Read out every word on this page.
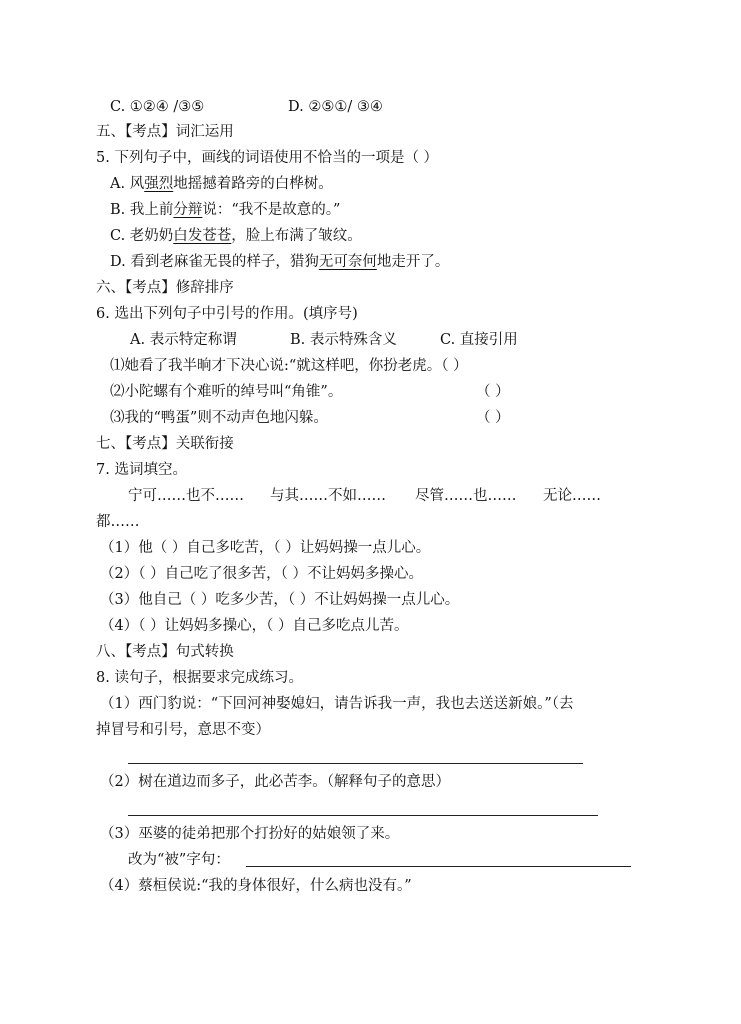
C. ①②④ /③⑤	D. ②⑤①/ ③④
五、【考点】词汇运用
5. 下列句子中，画线的词语使用不恰当的一项是（ ）
A. 风强烈地摇撼着路旁的白桦树。
B. 我上前分辩说：“我不是故意的。”
C. 老奶奶白发苍苍，脸上布满了皱纹。
D. 看到老麻雀无畏的样子，猎狗无可奈何地走开了。
六、【考点】修辞排序
6. 选出下列句子中引号的作用。(填序号)
A. 表示特定称谓	B. 表示特殊含义	C. 直接引用
⑴她看了我半晌才下决心说:“就这样吧，你扮老虎。（ ）
⑵小陀螺有个难听的绰号叫“角锥”。	（ ）
⑶我的“鸭蛋”则不动声色地闪躲。	（ ）
七、【考点】关联衔接
7. 选词填空。
宁可……也不…… 与其……不如…… 尽管……也…… 无论……
都……
（1）他（ ）自己多吃苦，（ ）让妈妈操一点儿心。
（2）（ ）自己吃了很多苦，（ ）不让妈妈多操心。
（3）他自己（ ）吃多少苦，（ ）不让妈妈操一点儿心。
（4）（ ）让妈妈多操心，（ ）自己多吃点儿苦。
八、【考点】句式转换
8. 读句子，根据要求完成练习。
（1）西门豹说：“下回河神娶媳妇，请告诉我一声，我也去送送新娘。”（去
掉冒号和引号，意思不变）
（2）树在道边而多子，此必苦李。（解释句子的意思）
（3）巫婆的徒弟把那个打扮好的姑娘领了来。
改为“被”字句：
（4）蔡桓侯说:“我的身体很好，什么病也没有。”
